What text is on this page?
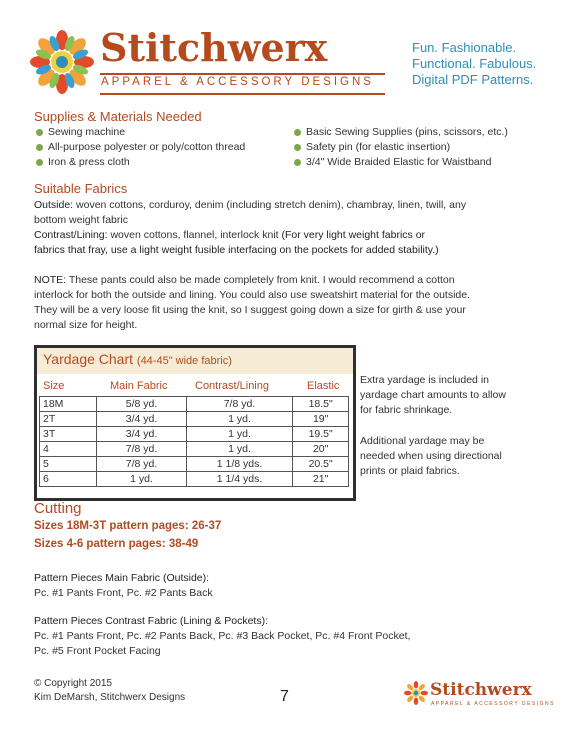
Stitchwerx
APPAREL & ACCESSORY DESIGNS
Fun. Fashionable.
Functional. Fabulous.
Digital PDF Patterns.
Supplies & Materials Needed
Sewing machine
All-purpose polyester or poly/cotton thread
Iron & press cloth
Basic Sewing Supplies (pins, scissors, etc.)
Safety pin (for elastic insertion)
3/4" Wide Braided Elastic for Waistband
Suitable Fabrics
Outside: woven cottons, corduroy, denim (including stretch denim), chambray, linen, twill, any
bottom weight fabric
Contrast/Lining: woven cottons, flannel, interlock knit (For very light weight fabrics or
fabrics that fray, use a light weight fusible interfacing on the pockets for added stability.)
NOTE: These pants could also be made completely from knit. I would recommend a cotton
interlock for both the outside and lining. You could also use sweatshirt material for the outside.
They will be a very loose fit using the knit, so I suggest going down a size for girth & use your
normal size for height.
Yardage Chart (44-45" wide fabric)
Size	Main Fabric	Contrast/Lining	Elastic
18M	5/8 yd.	7/8 yd.	18.5"
2T	3/4 yd.	1 yd.	19"
3T	3/4 yd.	1 yd.	19.5"
4	7/8 yd.	1 yd.	20"
5	7/8 yd.	1 1/8 yds.	20.5"
6	1 yd.	1 1/4 yds.	21"
Extra yardage is included in
yardage chart amounts to allow
for fabric shrinkage.
Additional yardage may be
needed when using directional
prints or plaid fabrics.
Cutting
Sizes 18M-3T pattern pages: 26-37
Sizes 4-6 pattern pages: 38-49
Pattern Pieces Main Fabric (Outside):
Pc. #1 Pants Front, Pc. #2 Pants Back
Pattern Pieces Contrast Fabric (Lining & Pockets):
Pc. #1 Pants Front, Pc. #2 Pants Back, Pc. #3 Back Pocket, Pc. #4 Front Pocket,
Pc. #5 Front Pocket Facing
© Copyright 2015
Kim DeMarsh, Stitchwerx Designs	7	Stitchwerx
APPAREL & ACCESSORY DESIGNS
